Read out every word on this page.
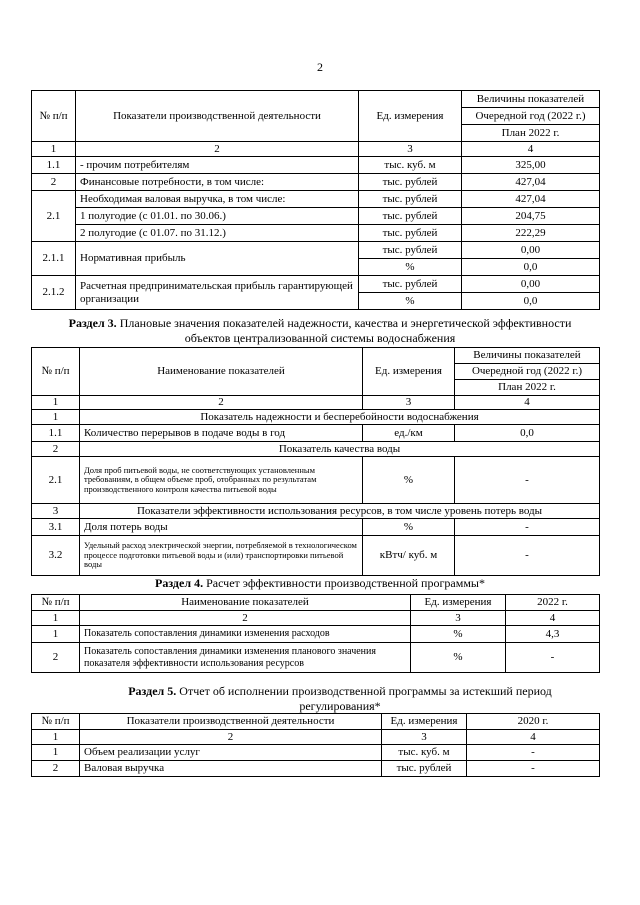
2
№ п/п	Показатели производственной деятельности	Ед. измерения	Величины показателей
			Очередной год (2022 г.)
			План 2022 г.
1	2	3	4
1.1	- прочим потребителям	тыс. куб. м	325,00
2	Финансовые потребности, в том числе:	тыс. рублей	427,04
2.1	Необходимая валовая выручка, в том числе:	тыс. рублей	427,04
	1 полугодие (с 01.01. по 30.06.)	тыс. рублей	204,75
	2 полугодие (с 01.07. по 31.12.)	тыс. рублей	222,29
2.1.1	Нормативная прибыль	тыс. рублей	0,00
		%	0,0
2.1.2	Расчетная предпринимательская прибыль гарантирующей организации	тыс. рублей	0,00
		%	0,0
Раздел 3. Плановые значения показателей надежности, качества и энергетической эффективности объектов централизованной системы водоснабжения
№ п/п	Наименование показателей	Ед. измерения	Величины показателей
			Очередной год (2022 г.)
			План 2022 г.
1	2	3	4
1	Показатель надежности и бесперебойности водоснабжения		
1.1	Количество перерывов в подаче воды в год	ед./км	0,0
2	Показатель качества воды		
2.1	Доля проб питьевой воды, не соответствующих установленным требованиям, в общем объеме проб, отобранных по результатам производственного контроля качества питьевой воды	%	-
3	Показатели эффективности использования ресурсов, в том числе уровень потерь воды		
3.1	Доля потерь воды	%	-
3.2	Удельный расход электрической энергии, потребляемой в технологическом процессе подготовки питьевой воды и (или) транспортировки питьевой воды	кВтч/ куб. м	-
Раздел 4. Расчет эффективности производственной программы*
№ п/п	Наименование показателей	Ед. измерения	2022 г.
1	2	3	4
1	Показатель сопоставления динамики изменения расходов	%	4,3
2	Показатель сопоставления динамики изменения планового значения показателя эффективности использования ресурсов	%	-
Раздел 5. Отчет об исполнении производственной программы за истекший период регулирования*
№ п/п	Показатели производственной деятельности	Ед. измерения	2020 г.
1	2	3	4
1	Объем реализации услуг	тыс. куб. м	-
2	Валовая выручка	тыс. рублей	-
